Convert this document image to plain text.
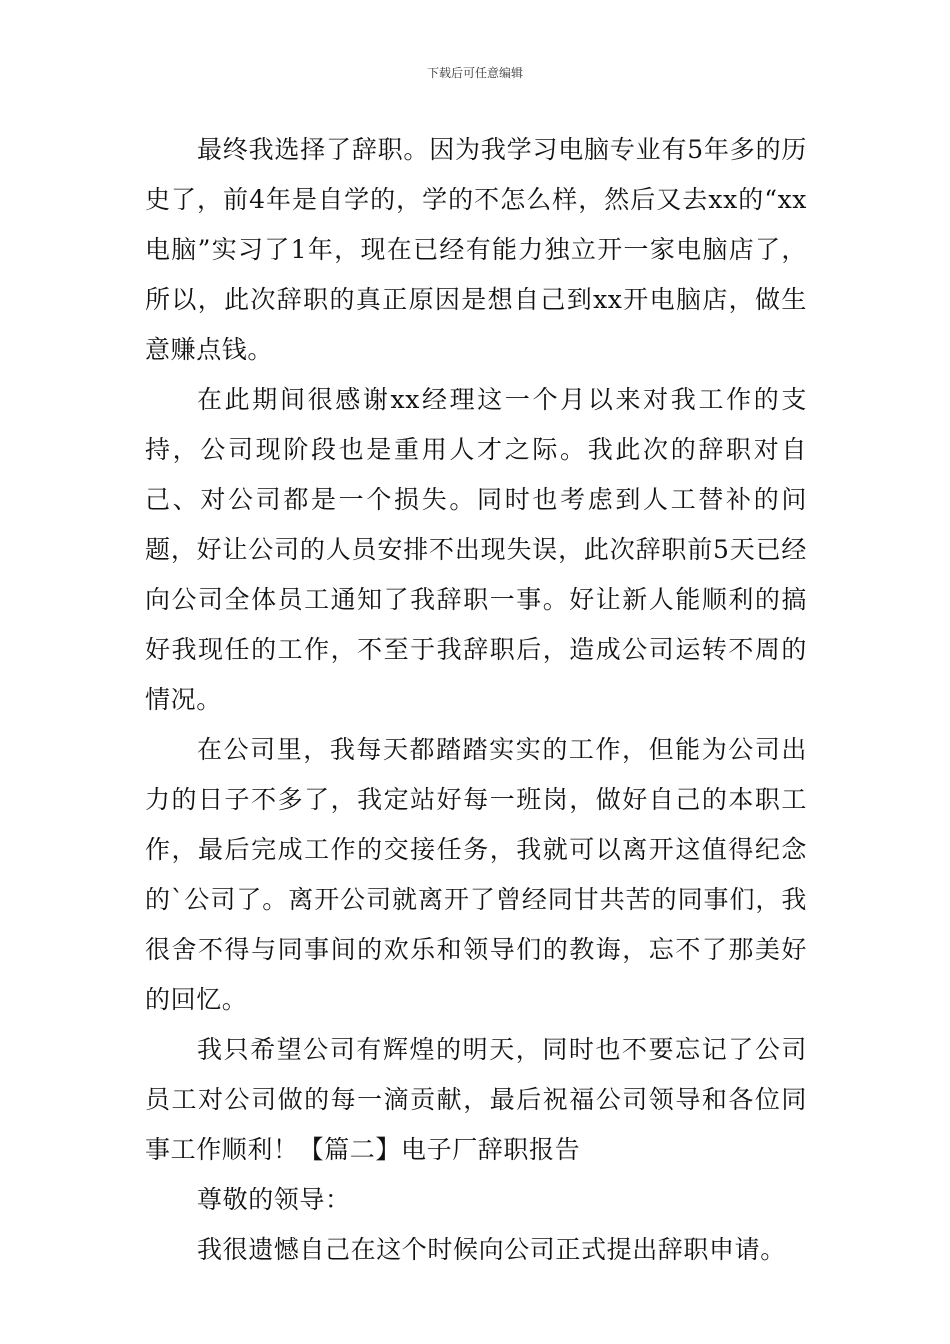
下载后可任意编辑

最终我选择了辞职。因为我学习电脑专业有5年多的历史了，前4年是自学的，学的不怎么样，然后又去xx的“xx电脑”实习了1年，现在已经有能力独立开一家电脑店了，所以，此次辞职的真正原因是想自己到xx开电脑店，做生意赚点钱。

在此期间很感谢xx经理这一个月以来对我工作的支持，公司现阶段也是重用人才之际。我此次的辞职对自己、对公司都是一个损失。同时也考虑到人工替补的问题，好让公司的人员安排不出现失误，此次辞职前5天已经向公司全体员工通知了我辞职一事。好让新人能顺利的搞好我现任的工作，不至于我辞职后，造成公司运转不周的情况。

在公司里，我每天都踏踏实实的工作，但能为公司出力的日子不多了，我定站好每一班岗，做好自己的本职工作，最后完成工作的交接任务，我就可以离开这值得纪念的`公司了。离开公司就离开了曾经同甘共苦的同事们，我很舍不得与同事间的欢乐和领导们的教诲，忘不了那美好的回忆。

我只希望公司有辉煌的明天，同时也不要忘记了公司员工对公司做的每一滴贡献，最后祝福公司领导和各位同事工作顺利！【篇二】电子厂辞职报告

尊敬的领导：

我很遗憾自己在这个时候向公司正式提出辞职申请。
